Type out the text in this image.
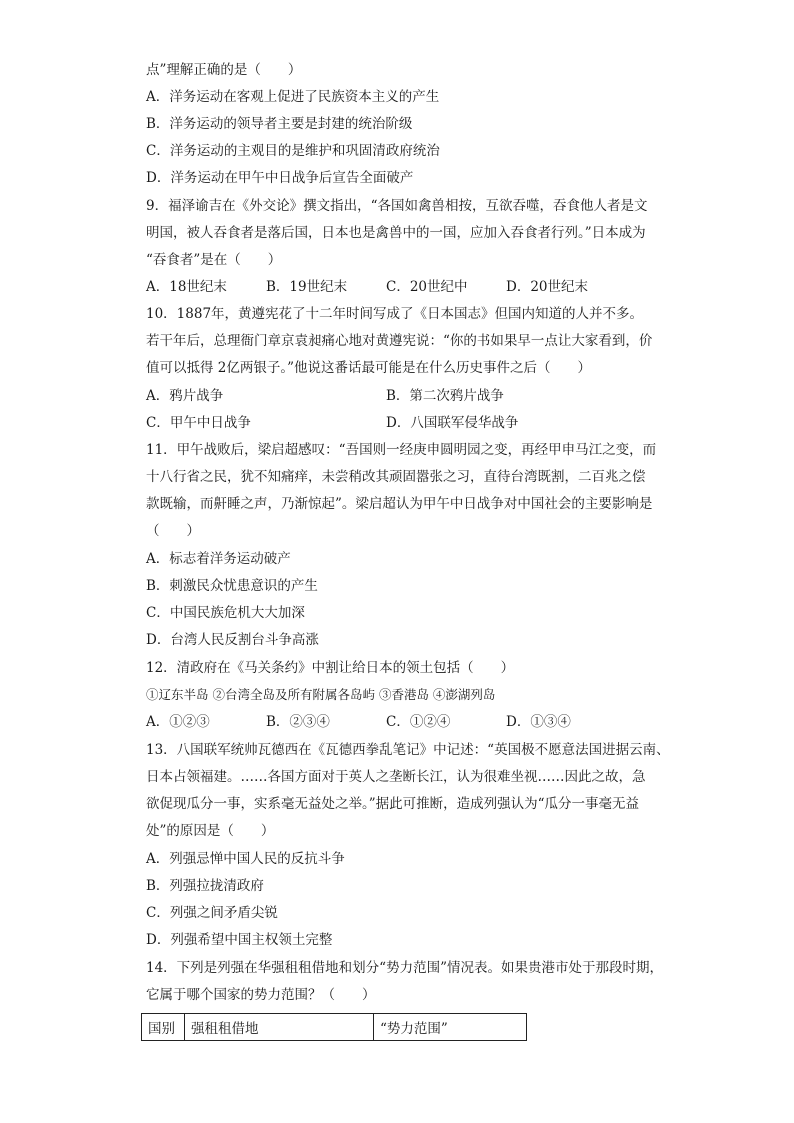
点”理解正确的是（　　）
A．洋务运动在客观上促进了民族资本主义的产生
B．洋务运动的领导者主要是封建的统治阶级
C．洋务运动的主观目的是维护和巩固清政府统治
D．洋务运动在甲午中日战争后宣告全面破产
9．福泽谕吉在《外交论》撰文指出，“各国如禽兽相按，互欲吞噬，吞食他人者是文
明国，被人吞食者是落后国，日本也是禽兽中的一国，应加入吞食者行列。”日本成为
“吞食者”是在（　　）
A．18世纪末	B．19世纪末	C．20世纪中	D．20世纪末
10．1887年，黄遵宪花了十二年时间写成了《日本国志》但国内知道的人并不多。
若干年后，总理衙门章京袁昶痛心地对黄遵宪说：“你的书如果早一点让大家看到，价
值可以抵得 2亿两银子。”他说这番话最可能是在什么历史事件之后（　　）
A．鸦片战争	B．第二次鸦片战争
C．甲午中日战争	D．八国联军侵华战争
11．甲午战败后，梁启超感叹：“吾国则一经庚申圆明园之变，再经甲申马江之变，而
十八行省之民，犹不知痛痒，未尝稍改其顽固嚣张之习，直待台湾既割，二百兆之偿
款既输，而鼾睡之声，乃渐惊起”。梁启超认为甲午中日战争对中国社会的主要影响是
（　　）
A．标志着洋务运动破产
B．刺激民众忧患意识的产生
C．中国民族危机大大加深
D．台湾人民反割台斗争高涨
12．清政府在《马关条约》中割让给日本的领土包括（　　）
①辽东半岛 ②台湾全岛及所有附属各岛屿 ③香港岛 ④澎湖列岛
A．①②③	B．②③④	C．①②④	D．①③④
13．八国联军统帅瓦德西在《瓦德西拳乱笔记》中记述：“英国极不愿意法国进据云南、
日本占领福建。……各国方面对于英人之垄断长江，认为很难坐视……因此之故，急
欲促现瓜分一事，实系毫无益处之举。”据此可推断，造成列强认为“瓜分一事毫无益
处”的原因是（　　）
A．列强忌惮中国人民的反抗斗争
B．列强拉拢清政府
C．列强之间矛盾尖锐
D．列强希望中国主权领土完整
14．下列是列强在华强租租借地和划分“势力范围”情况表。如果贵港市处于那段时期，
它属于哪个国家的势力范围？（　　）
国别	强租租借地	“势力范围”
